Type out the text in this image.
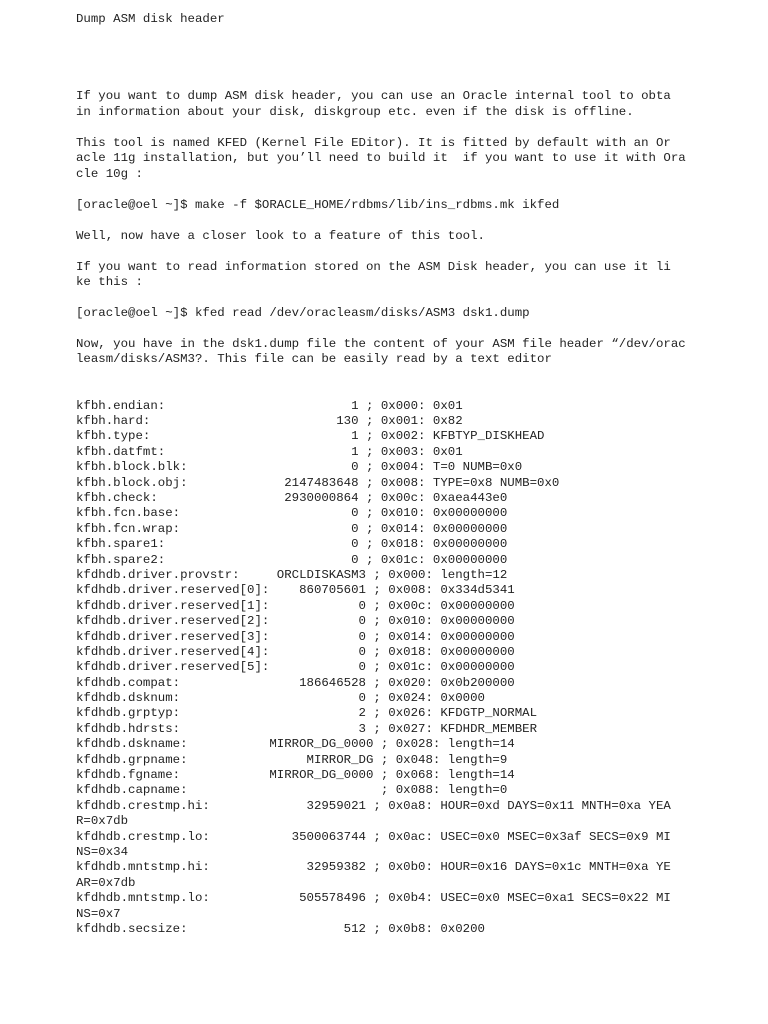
Dump ASM disk header
If you want to dump ASM disk header, you can use an Oracle internal tool to obta
in information about your disk, diskgroup etc. even if the disk is offline.
This tool is named KFED (Kernel File EDitor). It is fitted by default with an Or
acle 11g installation, but you’ll need to build it  if you want to use it with Ora
cle 10g :
[oracle@oel ~]$ make -f $ORACLE_HOME/rdbms/lib/ins_rdbms.mk ikfed
Well, now have a closer look to a feature of this tool.
If you want to read information stored on the ASM Disk header, you can use it li
ke this :
[oracle@oel ~]$ kfed read /dev/oracleasm/disks/ASM3 dsk1.dump
Now, you have in the dsk1.dump file the content of your ASM file header “/dev/orac
leasm/disks/ASM3?. This file can be easily read by a text editor
kfbh.endian:                         1 ; 0x000: 0x01
kfbh.hard:                         130 ; 0x001: 0x82
kfbh.type:                           1 ; 0x002: KFBTYP_DISKHEAD
kfbh.datfmt:                         1 ; 0x003: 0x01
kfbh.block.blk:                      0 ; 0x004: T=0 NUMB=0x0
kfbh.block.obj:             2147483648 ; 0x008: TYPE=0x8 NUMB=0x0
kfbh.check:                 2930000864 ; 0x00c: 0xaea443e0
kfbh.fcn.base:                       0 ; 0x010: 0x00000000
kfbh.fcn.wrap:                       0 ; 0x014: 0x00000000
kfbh.spare1:                         0 ; 0x018: 0x00000000
kfbh.spare2:                         0 ; 0x01c: 0x00000000
kfdhdb.driver.provstr:     ORCLDISKASM3 ; 0x000: length=12
kfdhdb.driver.reserved[0]:    860705601 ; 0x008: 0x334d5341
kfdhdb.driver.reserved[1]:            0 ; 0x00c: 0x00000000
kfdhdb.driver.reserved[2]:            0 ; 0x010: 0x00000000
kfdhdb.driver.reserved[3]:            0 ; 0x014: 0x00000000
kfdhdb.driver.reserved[4]:            0 ; 0x018: 0x00000000
kfdhdb.driver.reserved[5]:            0 ; 0x01c: 0x00000000
kfdhdb.compat:                186646528 ; 0x020: 0x0b200000
kfdhdb.dsknum:                        0 ; 0x024: 0x0000
kfdhdb.grptyp:                        2 ; 0x026: KFDGTP_NORMAL
kfdhdb.hdrsts:                        3 ; 0x027: KFDHDR_MEMBER
kfdhdb.dskname:           MIRROR_DG_0000 ; 0x028: length=14
kfdhdb.grpname:                MIRROR_DG ; 0x048: length=9
kfdhdb.fgname:            MIRROR_DG_0000 ; 0x068: length=14
kfdhdb.capname:                          ; 0x088: length=0
kfdhdb.crestmp.hi:             32959021 ; 0x0a8: HOUR=0xd DAYS=0x11 MNTH=0xa YEA
R=0x7db
kfdhdb.crestmp.lo:           3500063744 ; 0x0ac: USEC=0x0 MSEC=0x3af SECS=0x9 MI
NS=0x34
kfdhdb.mntstmp.hi:             32959382 ; 0x0b0: HOUR=0x16 DAYS=0x1c MNTH=0xa YE
AR=0x7db
kfdhdb.mntstmp.lo:            505578496 ; 0x0b4: USEC=0x0 MSEC=0xa1 SECS=0x22 MI
NS=0x7
kfdhdb.secsize:                     512 ; 0x0b8: 0x0200
